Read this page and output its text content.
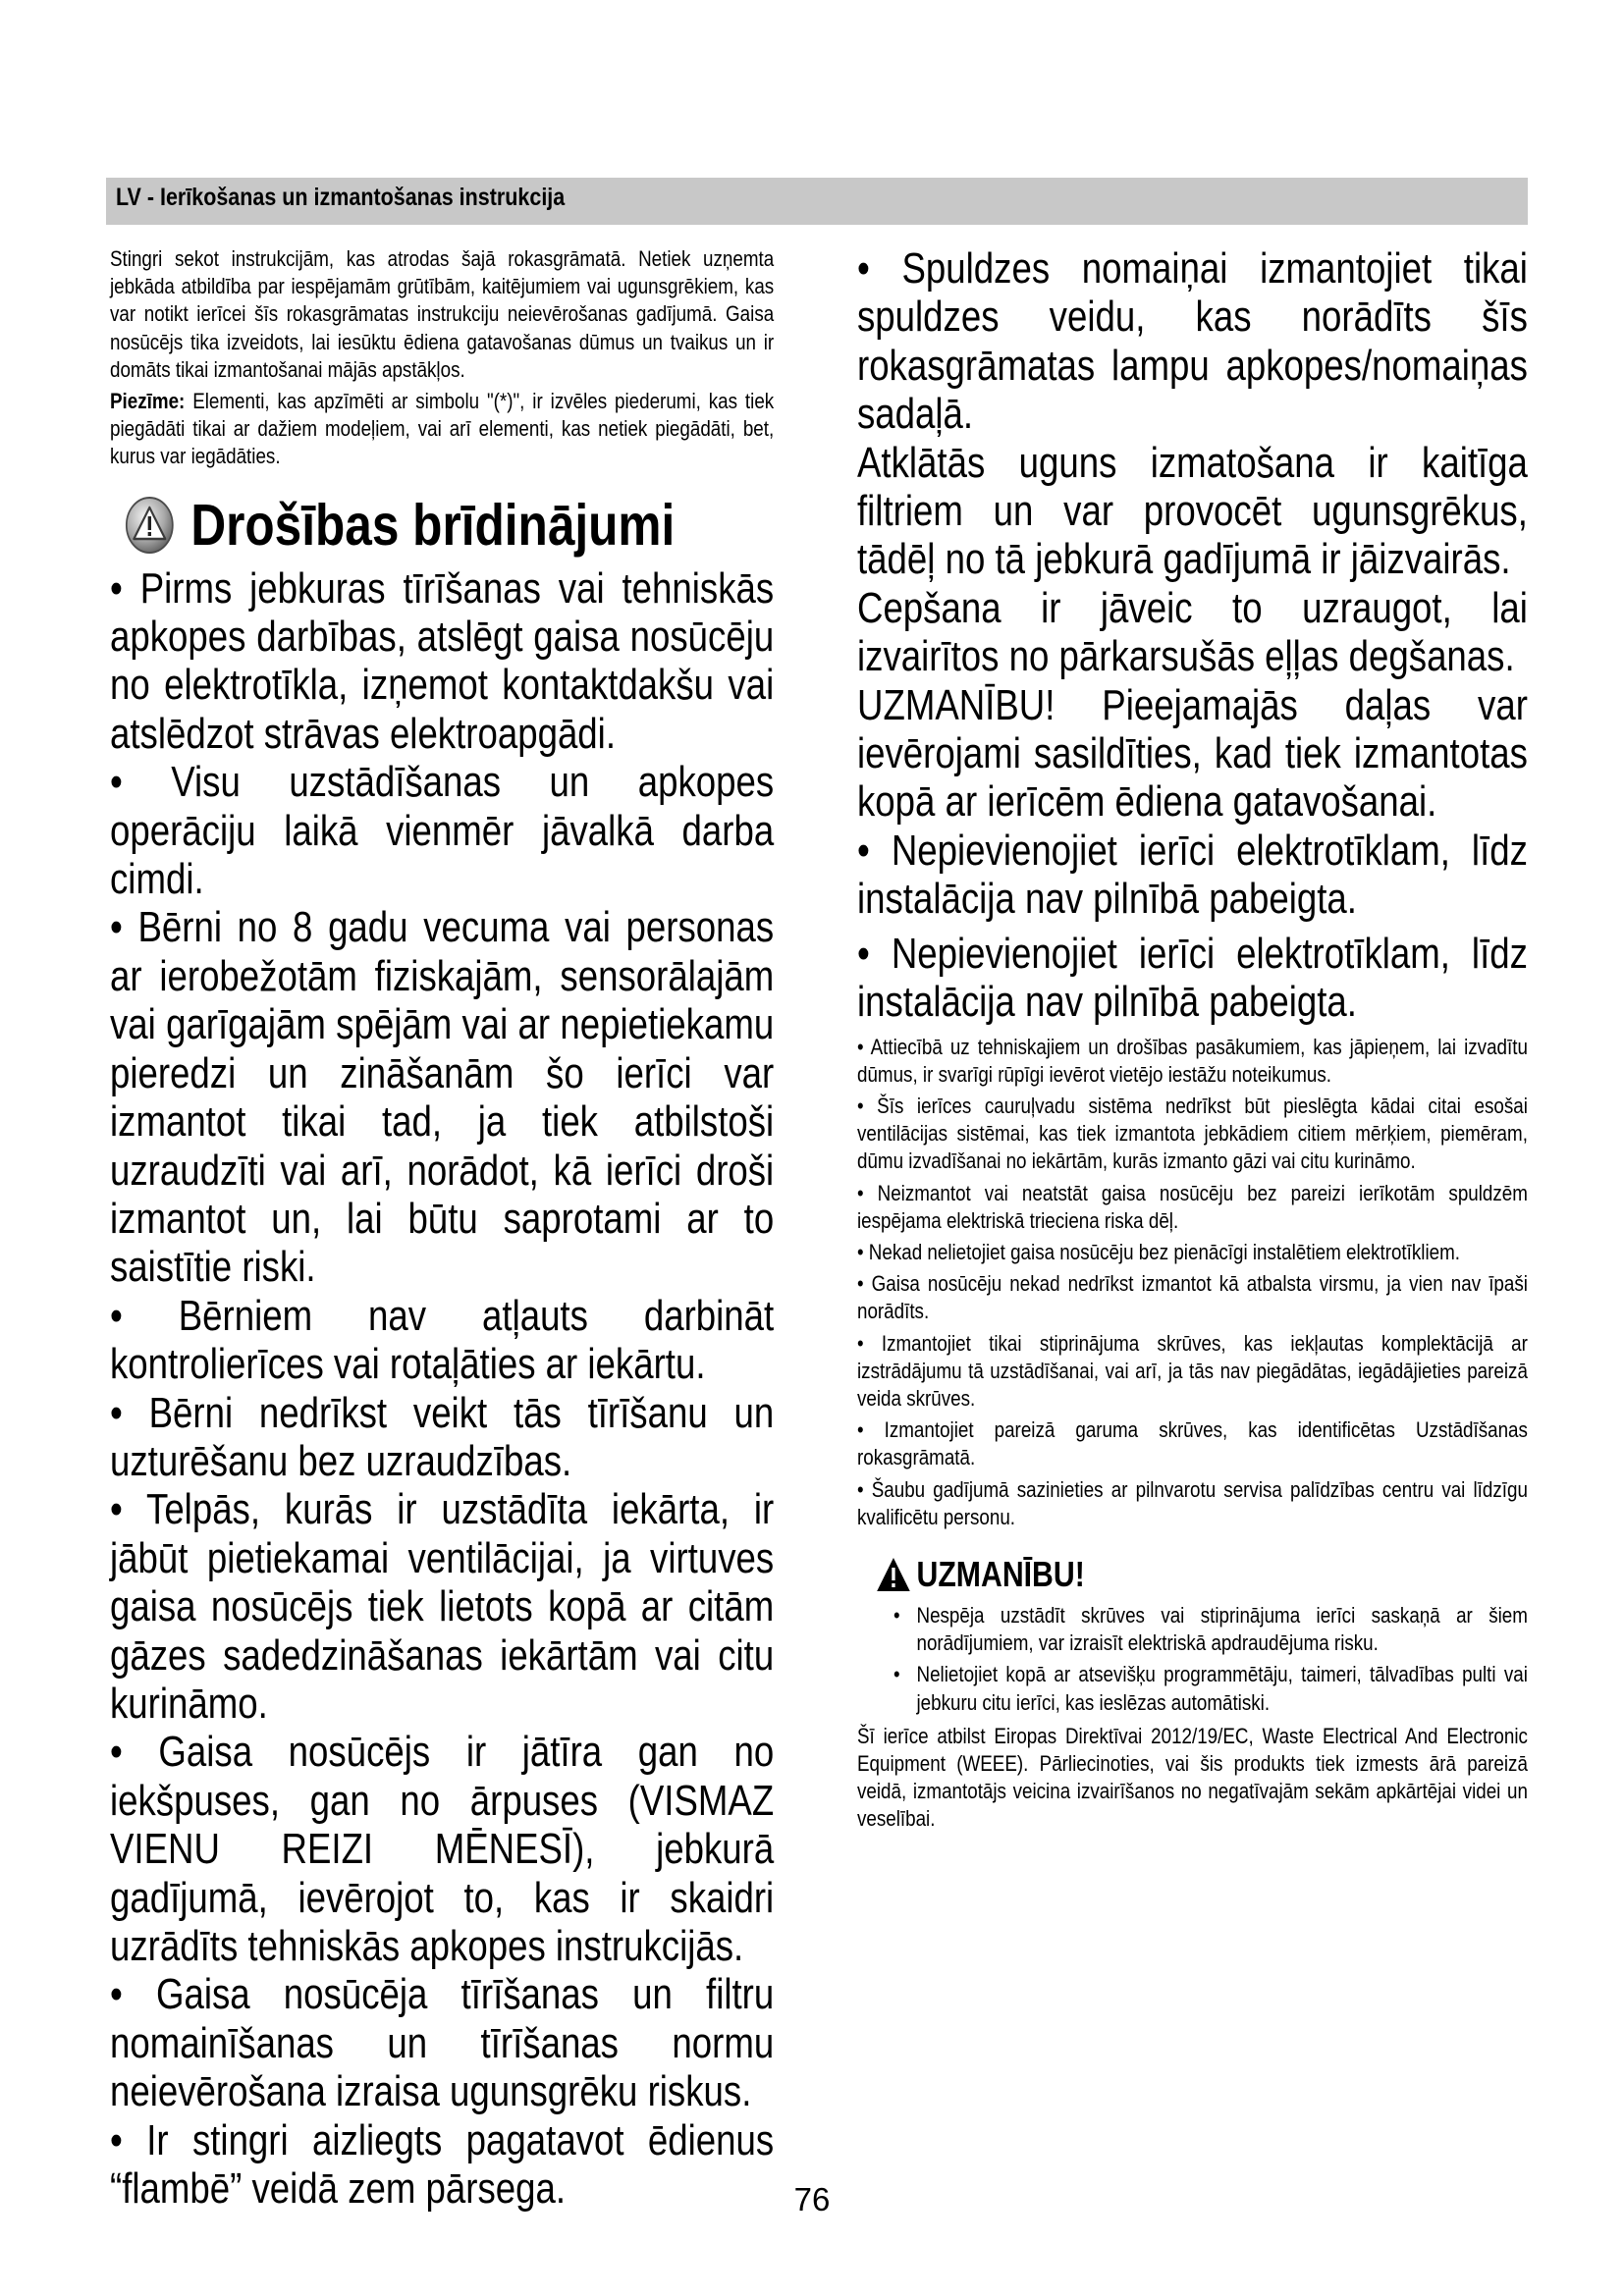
LV - Ierīkošanas un izmantošanas instrukcija

Stingri sekot instrukcijām, kas atrodas šajā rokasgrāmatā. Netiek uzņemta jebkāda atbildība par iespējamām grūtībām, kaitējumiem vai ugunsgrēkiem, kas var notikt ierīcei šīs rokasgrāmatas instrukciju neievērošanas gadījumā. Gaisa nosūcējs tika izveidots, lai iesūktu ēdiena gatavošanas dūmus un tvaikus un ir domāts tikai izmantošanai mājās apstākļos.

Piezīme: Elementi, kas apzīmēti ar simbolu "(*)", ir izvēles piederumi, kas tiek piegādāti tikai ar dažiem modeļiem, vai arī elementi, kas netiek piegādāti, bet, kurus var iegādāties.

Drošības brīdinājumi

• Pirms jebkuras tīrīšanas vai tehniskās apkopes darbības, atslēgt gaisa nosūcēju no elektrotīkla, izņemot kontaktdakšu vai atslēdzot strāvas elektroapgādi.

• Visu uzstādīšanas un apkopes operāciju laikā vienmēr jāvalkā darba cimdi.

• Bērni no 8 gadu vecuma vai personas ar ierobežotām fiziskajām, sensorālajām vai garīgajām spējām vai ar nepietiekamu pieredzi un zināšanām šo ierīci var izmantot tikai tad, ja tiek atbilstoši uzraudzīti vai arī, norādot, kā ierīci droši izmantot un, lai būtu saprotami ar to saistītie riski.

• Bērniem nav atļauts darbināt kontrolierīces vai rotaļāties ar iekārtu.

• Bērni nedrīkst veikt tās tīrīšanu un uzturēšanu bez uzraudzības.

• Telpās, kurās ir uzstādīta iekārta, ir jābūt pietiekamai ventilācijai, ja virtuves gaisa nosūcējs tiek lietots kopā ar citām gāzes sadedzināšanas iekārtām vai citu kurināmo.

• Gaisa nosūcējs ir jātīra gan no iekšpuses, gan no ārpuses (VISMAZ VIENU REIZI MĒNESĪ), jebkurā gadījumā, ievērojot to, kas ir skaidri uzrādīts tehniskās apkopes instrukcijās.

• Gaisa nosūcēja tīrīšanas un filtru nomainīšanas un tīrīšanas normu neievērošana izraisa ugunsgrēku riskus.

• Ir stingri aizliegts pagatavot ēdienus “flambē” veidā zem pārsega.

• Spuldzes nomaiņai izmantojiet tikai spuldzes veidu, kas norādīts šīs rokasgrāmatas lampu apkopes/nomaiņas sadaļā.

Atklātās uguns izmatošana ir kaitīga filtriem un var provocēt ugunsgrēkus, tādēļ no tā jebkurā gadījumā ir jāizvairās.

Cepšana ir jāveic to uzraugot, lai izvairītos no pārkarsušās eļļas degšanas.

UZMANĪBU! Pieejamajās daļas var ievērojami sasildīties, kad tiek izmantotas kopā ar ierīcēm ēdiena gatavošanai.

• Nepievienojiet ierīci elektrotīklam, līdz instalācija nav pilnībā pabeigta.

• Nepievienojiet ierīci elektrotīklam, līdz instalācija nav pilnībā pabeigta.

• Attiecībā uz tehniskajiem un drošības pasākumiem, kas jāpieņem, lai izvadītu dūmus, ir svarīgi rūpīgi ievērot vietējo iestāžu noteikumus.

• Šīs ierīces cauruļvadu sistēma nedrīkst būt pieslēgta kādai citai esošai ventilācijas sistēmai, kas tiek izmantota jebkādiem citiem mērķiem, piemēram, dūmu izvadīšanai no iekārtām, kurās izmanto gāzi vai citu kurināmo.

• Neizmantot vai neatstāt gaisa nosūcēju bez pareizi ierīkotām spuldzēm iespējama elektriskā trieciena riska dēļ.

• Nekad nelietojiet gaisa nosūcēju bez pienācīgi instalētiem elektrotīkliem.

• Gaisa nosūcēju nekad nedrīkst izmantot kā atbalsta virsmu, ja vien nav īpaši norādīts.

• Izmantojiet tikai stiprinājuma skrūves, kas iekļautas komplektācijā ar izstrādājumu tā uzstādīšanai, vai arī, ja tās nav piegādātas, iegādājieties pareizā veida skrūves.

• Izmantojiet pareizā garuma skrūves, kas identificētas Uzstādīšanas rokasgrāmatā.

• Šaubu gadījumā sazinieties ar pilnvarotu servisa palīdzības centru vai līdzīgu kvalificētu personu.

UZMANĪBU!

• Nespēja uzstādīt skrūves vai stiprinājuma ierīci saskaņā ar šiem norādījumiem, var izraisīt elektriskā apdraudējuma risku.

• Nelietojiet kopā ar atsevišķu programmētāju, taimeri, tālvadības pulti vai jebkuru citu ierīci, kas ieslēzas automātiski.

Šī ierīce atbilst Eiropas Direktīvai 2012/19/EC, Waste Electrical And Electronic Equipment (WEEE). Pārliecinoties, vai šis produkts tiek izmests ārā pareizā veidā, izmantotājs veicina izvairīšanos no negatīvajām sekām apkārtējai videi un veselībai.

76
